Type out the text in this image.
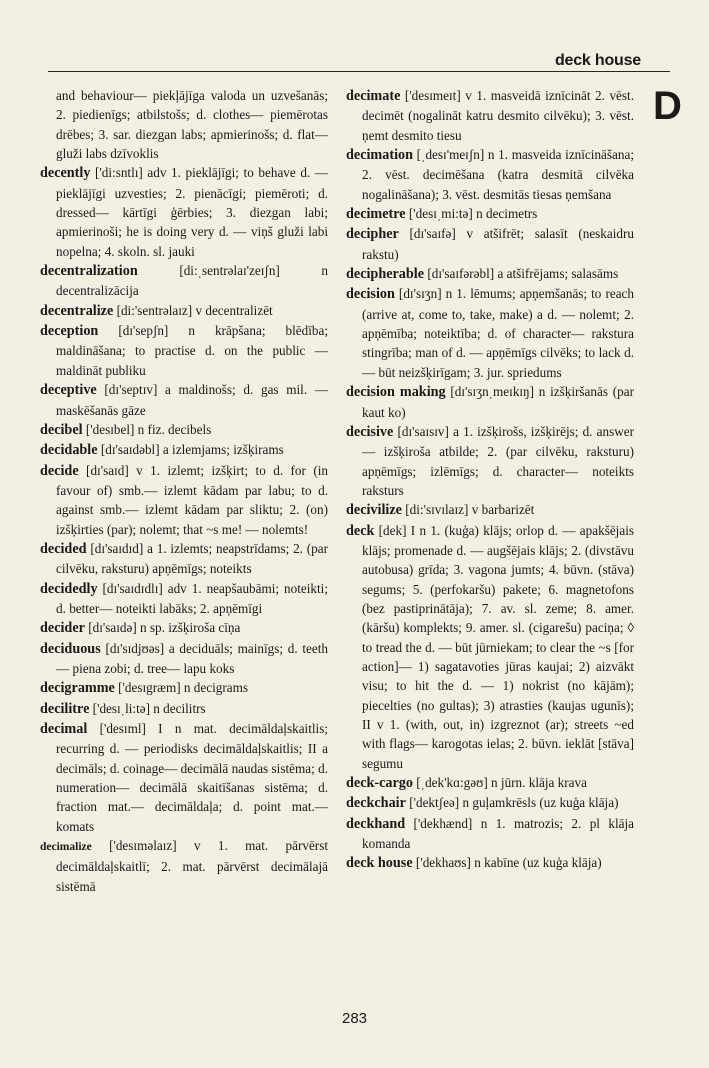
deck house
D

and behaviour— piekļājīga valoda un uzvešanās; 2. piedienīgs; atbilstošs; d. clothes— piemērotas drēbes; 3. sar. diezgan labs; apmierinošs; d. flat— gluži labs dzīvoklis

decently ['di:sntlı] adv 1. pieklājīgi; to behave d. — pieklājīgi uzvesties; 2. pienācīgi; piemēroti; d. dressed— kārtīgi ģērbies; 3. diezgan labi; apmierinoši; he is doing very d. — viņš gluži labi nopelna; 4. skoln. sl. jauki

decentralization [di:ˌsentrəlaɪ'zeɪʃn] n decentralizācija

decentralize [di:'sentrəlaɪz] v decentralizēt

deception [dɪ'sepʃn] n krāpšana; blēdība; maldināšana; to practise d. on the public — maldināt publiku

deceptive [dɪ'septɪv] a maldinošs; d. gas mil. — maskēšanās gāze

decibel ['desɪbel] n fiz. decibels

decidable [dɪ'saɪdəbl] a izlemjams; izšķirams

decide [dɪ'saɪd] v 1. izlemt; izšķirt; to d. for (in favour of) smb.— izlemt kādam par labu; to d. against smb.— izlemt kādam par sliktu; 2. (on) izšķirties (par); nolemt; that ~s me! — nolemts!

decided [dɪ'saɪdɪd] a 1. izlemts; neapstrīdams; 2. (par cilvēku, raksturu) apņēmīgs; noteikts

decidedly [dɪ'saɪdɪdlɪ] adv 1. neapšaubāmi; noteikti; d. better— noteikti labāks; 2. apņēmīgi

decider [dɪ'saɪdə] n sp. izšķiroša cīņa

deciduous [dɪ'sɪdjʊəs] a deciduāls; mainīgs; d. teeth— piena zobi; d. tree— lapu koks

decigramme ['desɪgræm] n decigrams

decilitre ['desɪˌli:tə] n decilitrs

decimal ['desɪml] I n mat. decimāldaļskaitlis; recurring d. — periodisks decimāldaļskaitlis; II a decimāls; d. coinage— decimālā naudas sistēma; d. numeration— decimālā skaitīšanas sistēma; d. fraction mat.— decimāldaļa; d. point mat.— komats

decimalize ['desɪməlaɪz] v 1. mat. pārvērst decimāldaļskaitlī; 2. mat. pārvērst decimālajā sistēmā

decimate ['desɪmeɪt] v 1. masveidā iznīcināt 2. vēst. decimēt (nogalināt katru desmito cilvēku); 3. vēst. ņemt desmito tiesu

decimation [ˌdesɪ'meɪʃn] n 1. masveida iznīcināšana; 2. vēst. decimēšana (katra desmitā cilvēka nogalināšana); 3. vēst. desmitās tiesas ņemšana

decimetre ['desɪˌmi:tə] n decimetrs

decipher [dɪ'saɪfə] v atšifrēt; salasīt (neskaidru rakstu)

decipherable [dɪ'saɪfərəbl] a atšifrējams; salasāms

decision [dɪ'sɪʒn] n 1. lēmums; apņemšanās; to reach (arrive at, come to, take, make) a d. — nolemt; 2. apņēmība; noteiktība; d. of character— rakstura stingrība; man of d. — apņēmīgs cilvēks; to lack d. — būt neizšķirīgam; 3. jur. spriedums

decision making [dɪ'sɪʒnˌmeɪkɪŋ] n izšķiršanās (par kaut ko)

decisive [dɪ'saɪsɪv] a 1. izšķirošs, izšķirējs; d. answer— izšķiroša atbilde; 2. (par cilvēku, raksturu) apņēmīgs; izlēmīgs; d. character— noteikts raksturs

decivilize [di:'sɪvɪlaɪz] v barbarizēt

deck [dek] I n 1. (kuģa) klājs; orlop d. — apakšējais klājs; promenade d. — augšējais klājs; 2. (divstāvu autobusa) grīda; 3. vagona jumts; 4. būvn. (stāva) segums; 5. (perfokaršu) pakete; 6. magnetofons (bez pastiprinātāja); 7. av. sl. zeme; 8. amer. (kāršu) komplekts; 9. amer. sl. (cigarešu) paciņa; ◊ to tread the d. — būt jūrniekam; to clear the ~s [for action]— 1) sagatavoties jūras kaujai; 2) aizvākt visu; to hit the d. — 1) nokrist (no kājām); piecelties (no gultas); 3) atrasties (kaujas ugunīs); II v 1. (with, out, in) izgreznot (ar); streets ~ed with flags— karogotas ielas; 2. būvn. ieklāt [stāva] segumu

deck-cargo [ˌdek'kɑ:gəʊ] n jūrn. klāja krava

deckchair ['dektʃeə] n guļamkrēsls (uz kuģa klāja)

deckhand ['dekhænd] n 1. matrozis; 2. pl klāja komanda

deck house ['dekhaʊs] n kabīne (uz kuģa klāja)

283
